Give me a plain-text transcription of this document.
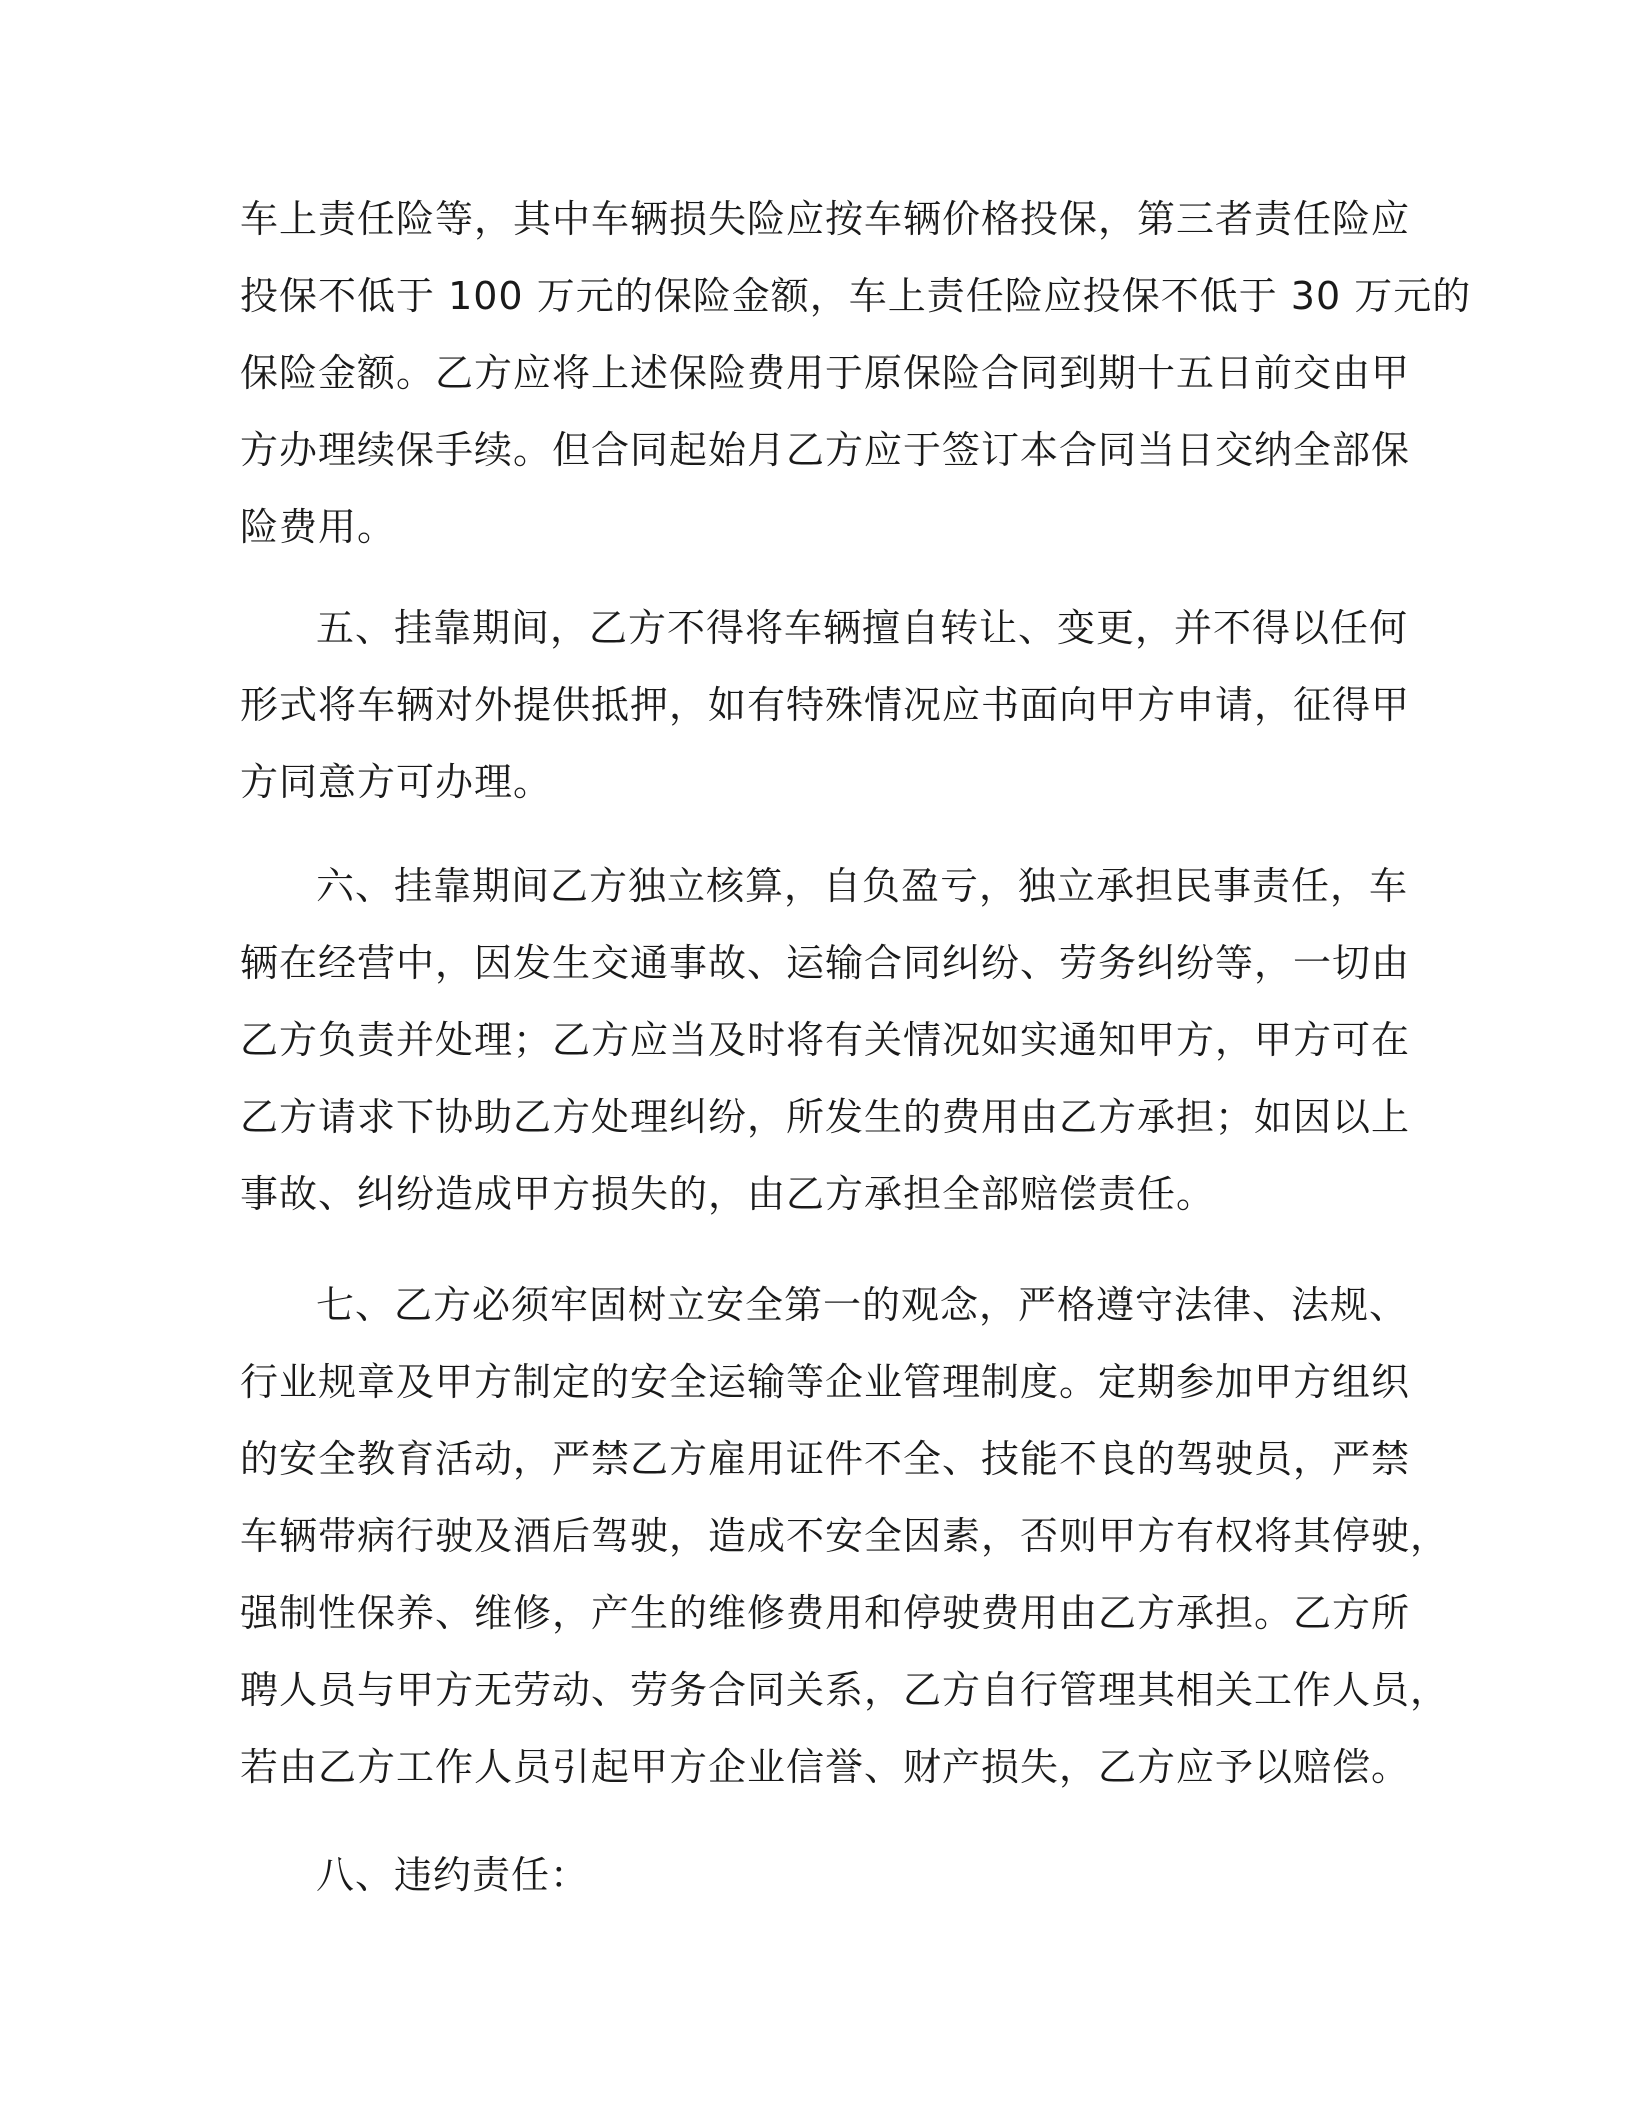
车上责任险等，其中车辆损失险应按车辆价格投保，第三者责任险应
投保不低于 100 万元的保险金额，车上责任险应投保不低于 30 万元的
保险金额。乙方应将上述保险费用于原保险合同到期十五日前交由甲
方办理续保手续。但合同起始月乙方应于签订本合同当日交纳全部保
险费用。
五、挂靠期间，乙方不得将车辆擅自转让、变更，并不得以任何
形式将车辆对外提供抵押，如有特殊情况应书面向甲方申请，征得甲
方同意方可办理。
六、挂靠期间乙方独立核算，自负盈亏，独立承担民事责任，车
辆在经营中，因发生交通事故、运输合同纠纷、劳务纠纷等，一切由
乙方负责并处理；乙方应当及时将有关情况如实通知甲方，甲方可在
乙方请求下协助乙方处理纠纷，所发生的费用由乙方承担；如因以上
事故、纠纷造成甲方损失的，由乙方承担全部赔偿责任。
七、乙方必须牢固树立安全第一的观念，严格遵守法律、法规、
行业规章及甲方制定的安全运输等企业管理制度。定期参加甲方组织
的安全教育活动，严禁乙方雇用证件不全、技能不良的驾驶员，严禁
车辆带病行驶及酒后驾驶，造成不安全因素，否则甲方有权将其停驶，
强制性保养、维修，产生的维修费用和停驶费用由乙方承担。乙方所
聘人员与甲方无劳动、劳务合同关系，乙方自行管理其相关工作人员，
若由乙方工作人员引起甲方企业信誉、财产损失，乙方应予以赔偿。
八、违约责任：
